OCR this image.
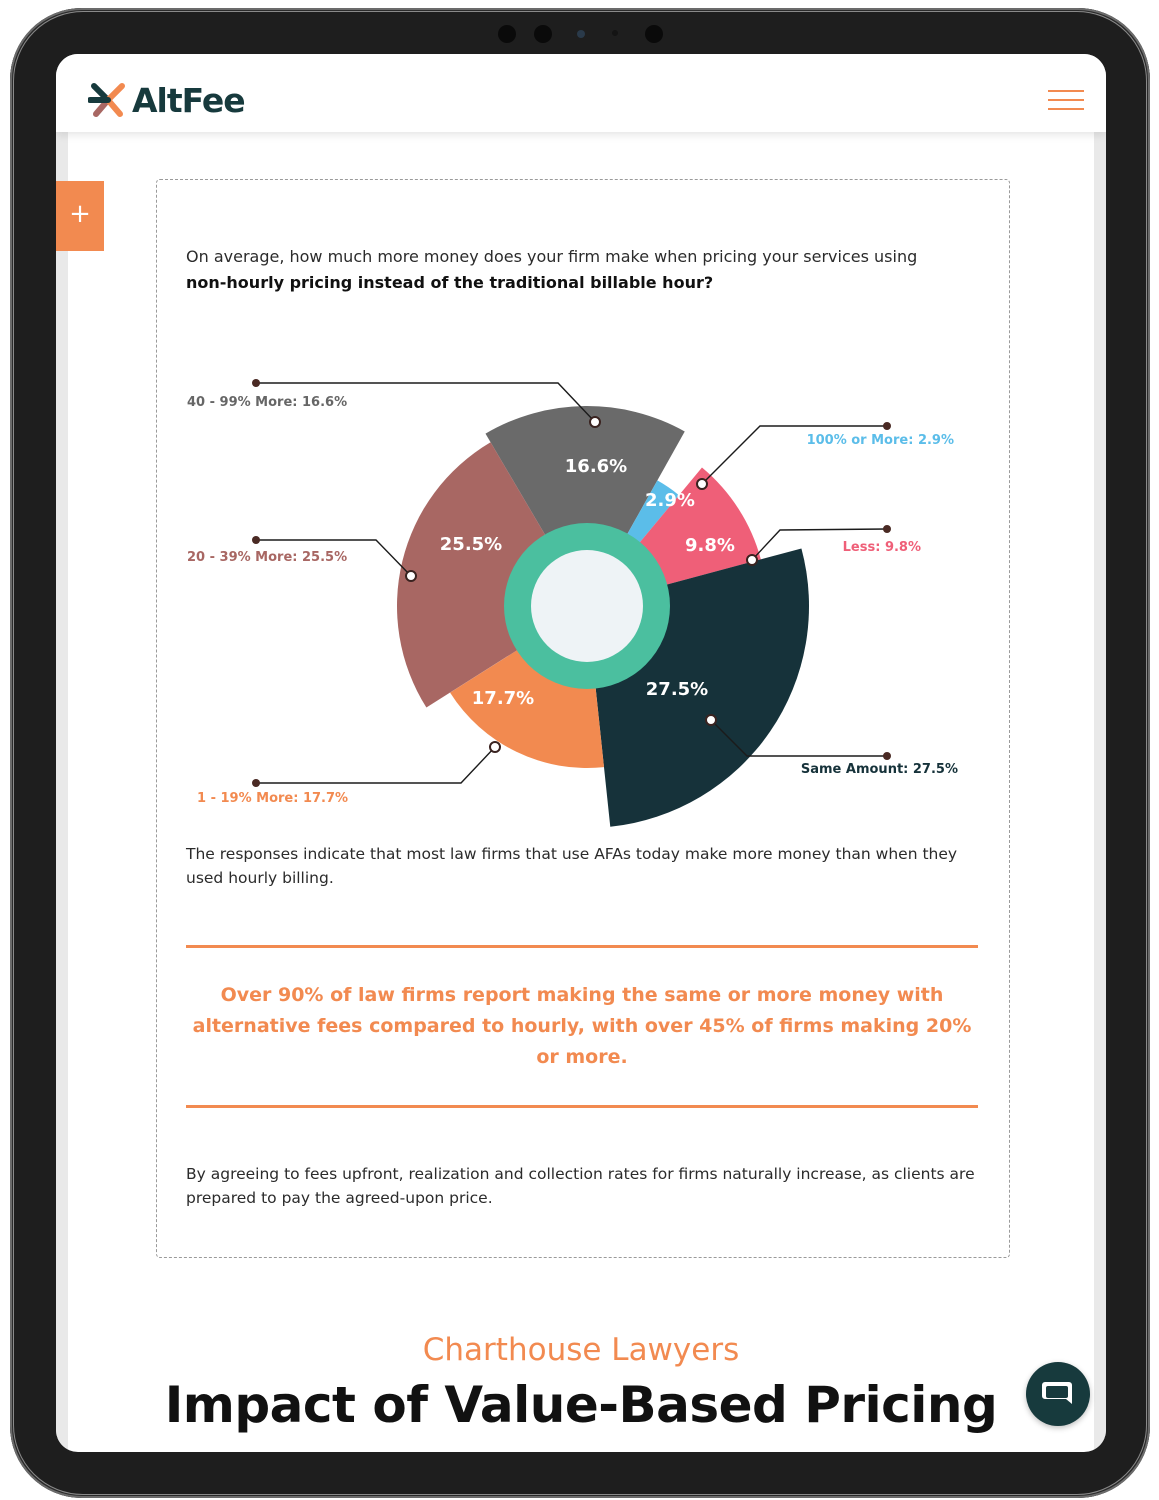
AltFee
+
On average, how much more money does your firm make when pricing your services using
non-hourly pricing instead of the traditional billable hour?
16.6%
40 - 99% More: 16.6%
2.9%
100% or More: 2.9%
9.8%	Less: 9.8%
27.5%
Same Amount: 27.5%
17.7%
1 - 19% More: 17.7%
25.5%
20 - 39% More: 25.5%
The responses indicate that most law firms that use AFAs today make more money than when they used hourly billing.
Over 90% of law firms report making the same or more money with alternative fees compared to hourly, with over 45% of firms making 20% or more.
By agreeing to fees upfront, realization and collection rates for firms naturally increase, as clients are prepared to pay the agreed-upon price.
Charthouse Lawyers
Impact of Value-Based Pricing
